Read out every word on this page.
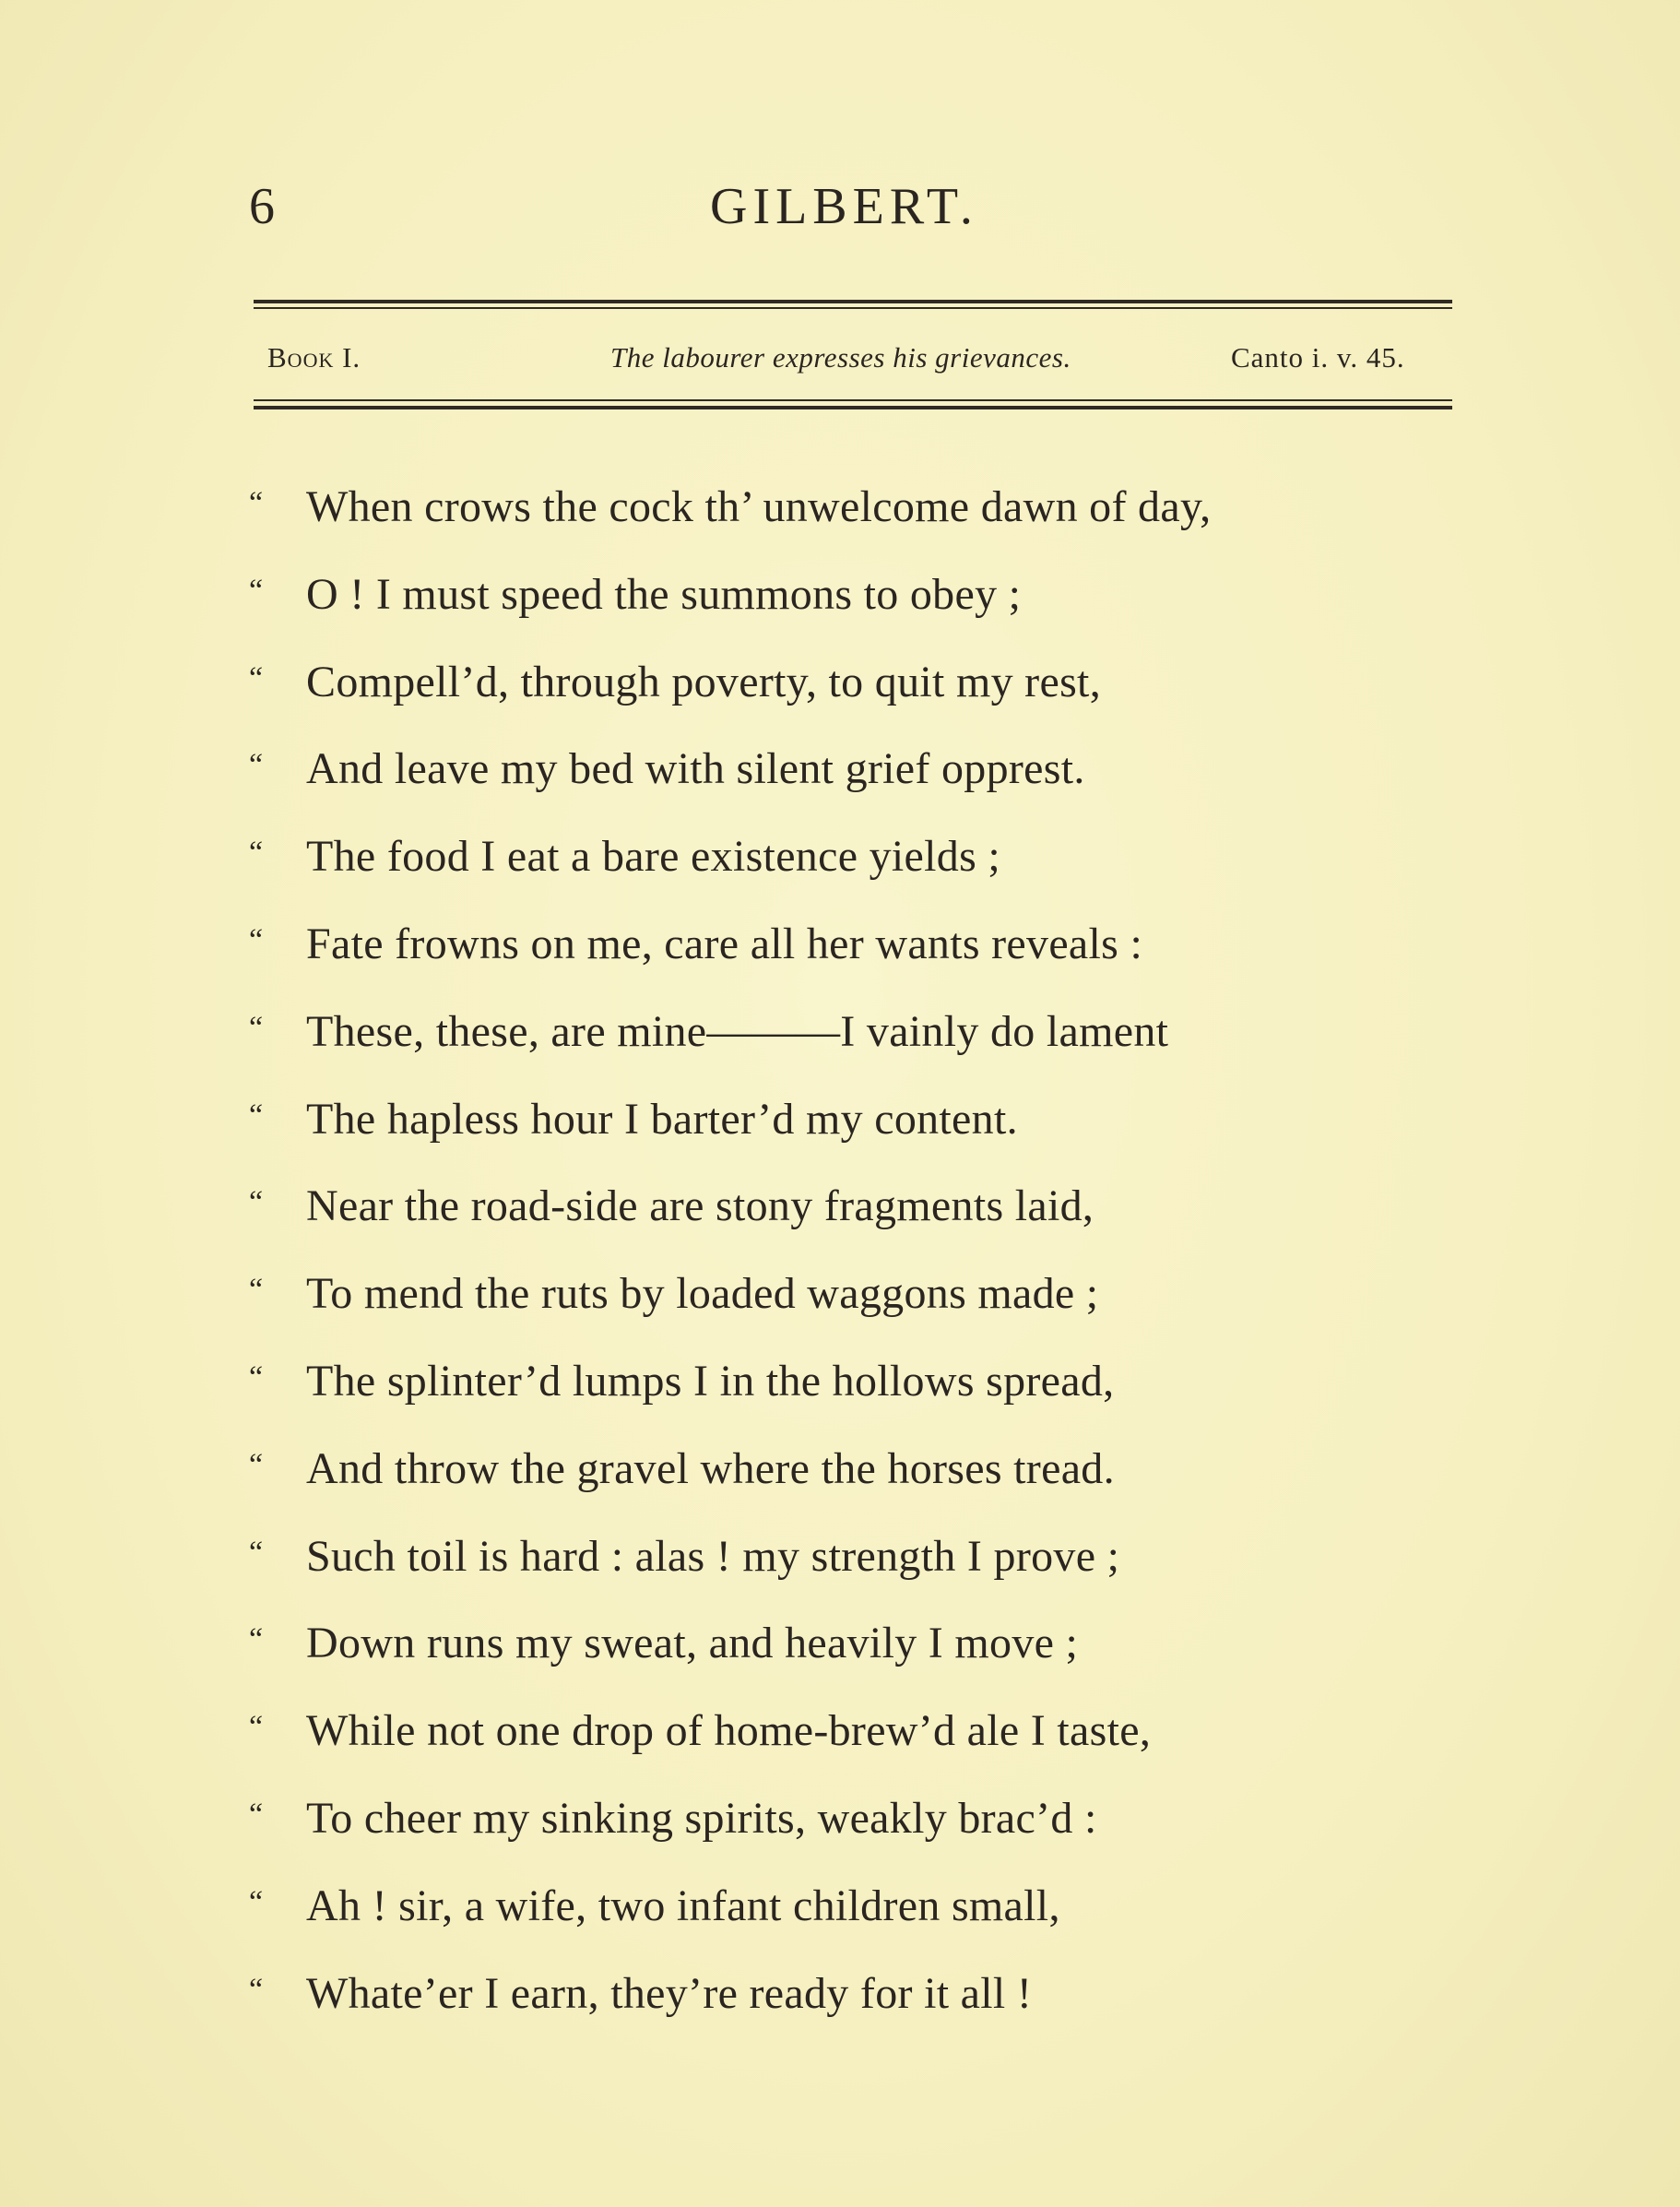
6	GILBERT.
Book I.	The labourer expresses his grievances.	Canto i. v. 45.
“ When crows the cock th’ unwelcome dawn of day,
“ O ! I must speed the summons to obey ;
“ Compell’d, through poverty, to quit my rest,
“ And leave my bed with silent grief opprest.
“ The food I eat a bare existence yields ;
“ Fate frowns on me, care all her wants reveals :
“ These, these, are mine———I vainly do lament
“ The hapless hour I barter’d my content.
“ Near the road-side are stony fragments laid,
“ To mend the ruts by loaded waggons made ;
“ The splinter’d lumps I in the hollows spread,
“ And throw the gravel where the horses tread.
“ Such toil is hard : alas ! my strength I prove ;
“ Down runs my sweat, and heavily I move ;
“ While not one drop of home-brew’d ale I taste,
“ To cheer my sinking spirits, weakly brac’d :
“ Ah ! sir, a wife, two infant children small,
“ Whate’er I earn, they’re ready for it all !
